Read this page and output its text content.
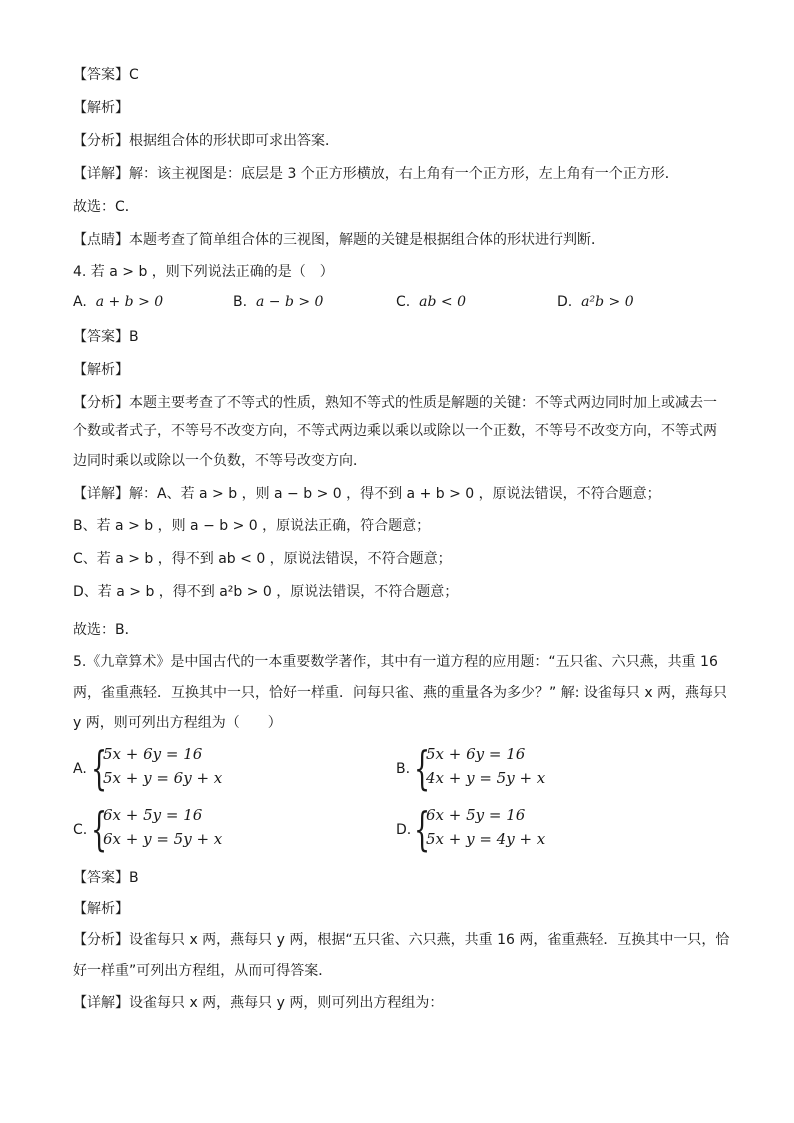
【答案】C
【解析】
【分析】根据组合体的形状即可求出答案．
【详解】解：该主视图是：底层是 3 个正方形横放，右上角有一个正方形，左上角有一个正方形．
故选：C．
【点睛】本题考查了简单组合体的三视图，解题的关键是根据组合体的形状进行判断．
4. 若 a > b ，则下列说法正确的是（　）
A. a + b > 0	B. a − b > 0	C. ab < 0	D. a²b > 0
【答案】B
【解析】
【分析】本题主要考查了不等式的性质，熟知不等式的性质是解题的关键：不等式两边同时加上或减去一
个数或者式子，不等号不改变方向，不等式两边乘以乘以或除以一个正数，不等号不改变方向，不等式两
边同时乘以或除以一个负数，不等号改变方向．
【详解】解：A、若 a > b ，则 a − b > 0 ，得不到 a + b > 0 ，原说法错误，不符合题意；
B、若 a > b ，则 a − b > 0 ，原说法正确，符合题意；
C、若 a > b ，得不到 ab < 0 ，原说法错误，不符合题意；
D、若 a > b ，得不到 a²b > 0 ，原说法错误，不符合题意；
故选：B．
5.《九章算术》是中国古代的一本重要数学著作，其中有一道方程的应用题：“五只雀、六只燕，共重 16
两，雀重燕轻．互换其中一只，恰好一样重．问每只雀、燕的重量各为多少？” 解: 设雀每只 x 两，燕每只
y 两，则可列出方程组为（　　）
A. {
5x + 6y = 16
5x + y = 6y + x	B. {
5x + 6y = 16
4x + y = 5y + x
C. {
6x + 5y = 16
6x + y = 5y + x	D. {
6x + 5y = 16
5x + y = 4y + x
【答案】B
【解析】
【分析】设雀每只 x 两，燕每只 y 两，根据“五只雀、六只燕，共重 16 两，雀重燕轻．互换其中一只，恰
好一样重”可列出方程组，从而可得答案．
【详解】设雀每只 x 两，燕每只 y 两，则可列出方程组为：
